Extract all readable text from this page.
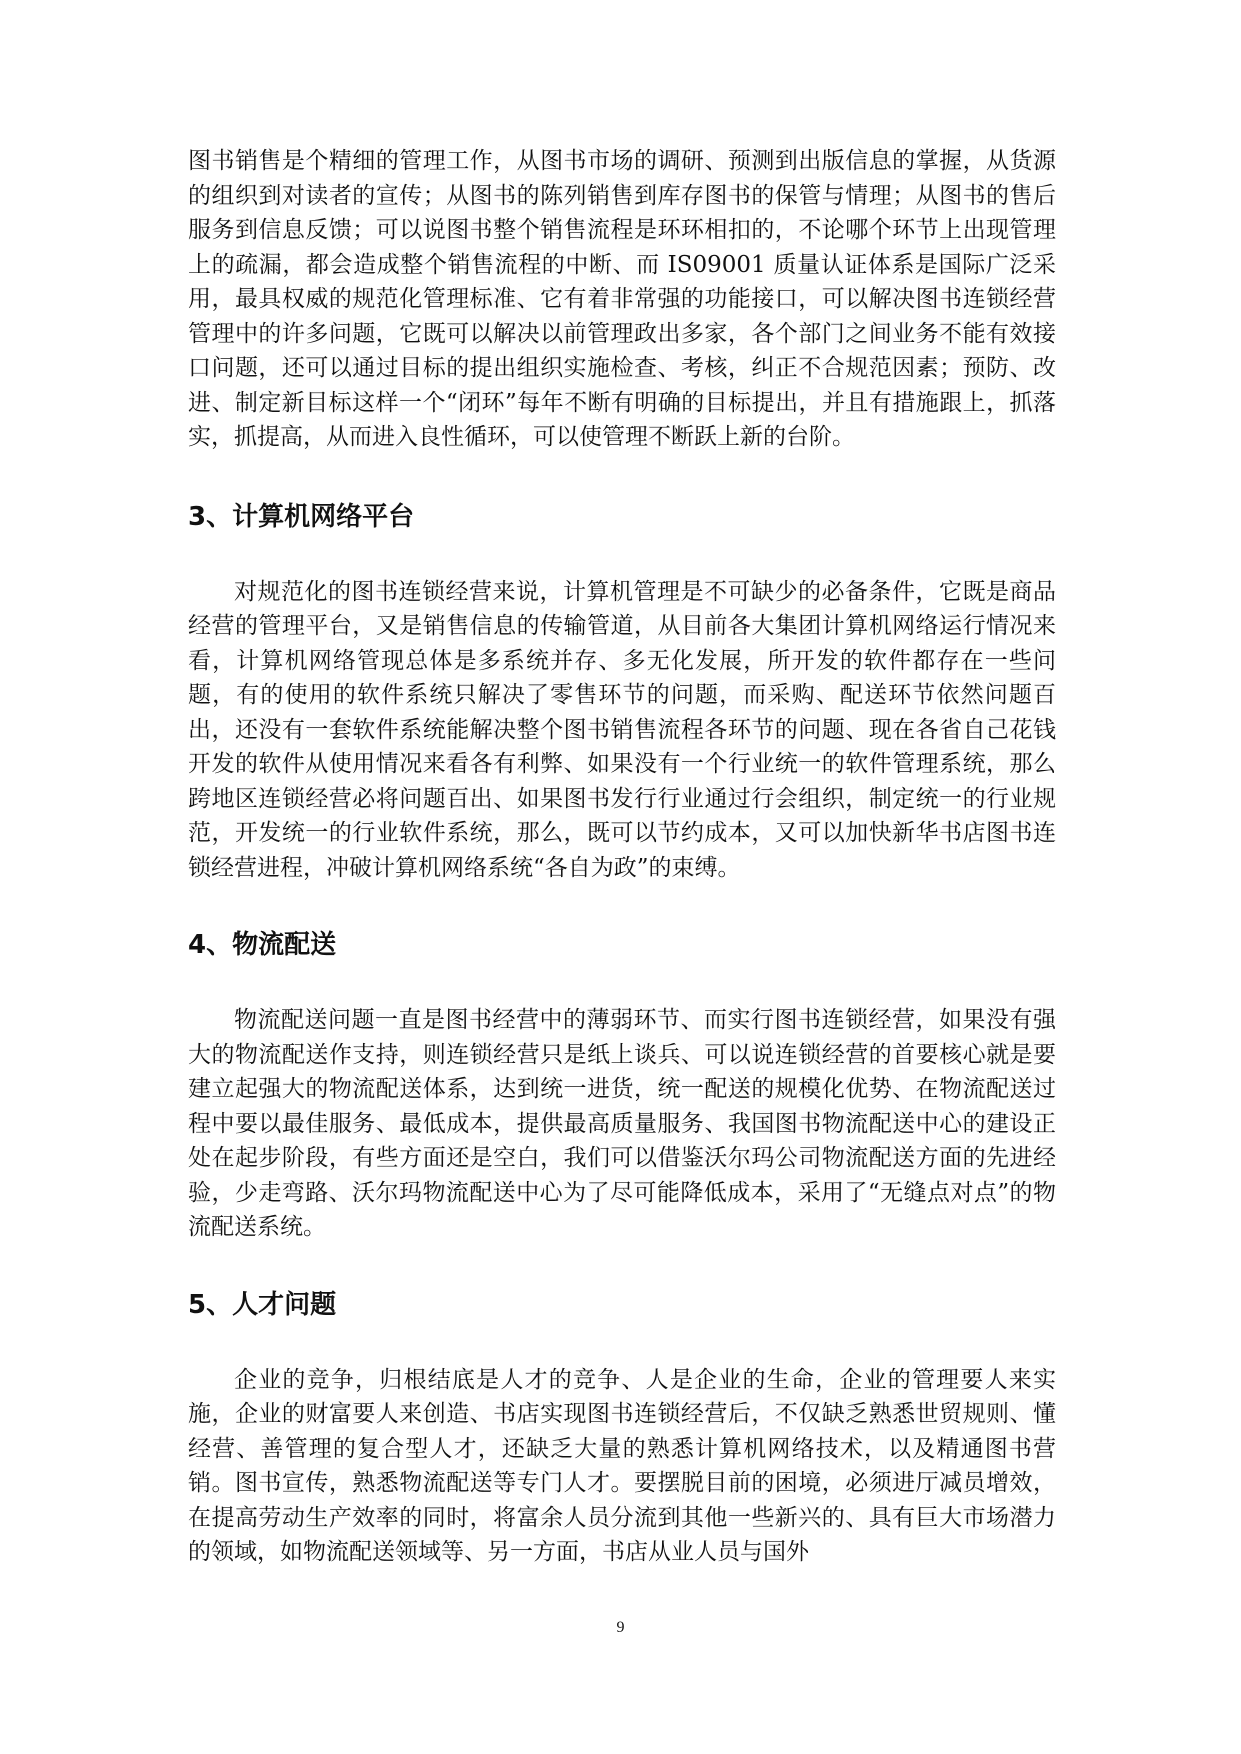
图书销售是个精细的管理工作，从图书市场的调研、预测到出版信息的掌握，从货源的组织到对读者的宣传；从图书的陈列销售到库存图书的保管与情理；从图书的售后服务到信息反馈；可以说图书整个销售流程是环环相扣的，不论哪个环节上出现管理上的疏漏，都会造成整个销售流程的中断、而 IS09001 质量认证体系是国际广泛采用，最具权威的规范化管理标准、它有着非常强的功能接口，可以解决图书连锁经营管理中的许多问题，它既可以解决以前管理政出多家，各个部门之间业务不能有效接口问题，还可以通过目标的提出组织实施检查、考核，纠正不合规范因素；预防、改进、制定新目标这样一个“闭环”每年不断有明确的目标提出，并且有措施跟上，抓落实，抓提高，从而进入良性循环，可以使管理不断跃上新的台阶。

3、计算机网络平台

对规范化的图书连锁经营来说，计算机管理是不可缺少的必备条件，它既是商品经营的管理平台，又是销售信息的传输管道，从目前各大集团计算机网络运行情况来看，计算机网络管现总体是多系统并存、多无化发展，所开发的软件都存在一些问题，有的使用的软件系统只解决了零售环节的问题，而采购、配送环节依然问题百出，还没有一套软件系统能解决整个图书销售流程各环节的问题、现在各省自己花钱开发的软件从使用情况来看各有利弊、如果没有一个行业统一的软件管理系统，那么跨地区连锁经营必将问题百出、如果图书发行行业通过行会组织，制定统一的行业规范，开发统一的行业软件系统，那么，既可以节约成本，又可以加快新华书店图书连锁经营进程，冲破计算机网络系统“各自为政”的束缚。

4、物流配送

物流配送问题一直是图书经营中的薄弱环节、而实行图书连锁经营，如果没有强大的物流配送作支持，则连锁经营只是纸上谈兵、可以说连锁经营的首要核心就是要建立起强大的物流配送体系，达到统一进货，统一配送的规模化优势、在物流配送过程中要以最佳服务、最低成本，提供最高质量服务、我国图书物流配送中心的建设正处在起步阶段，有些方面还是空白，我们可以借鉴沃尔玛公司物流配送方面的先进经验，少走弯路、沃尔玛物流配送中心为了尽可能降低成本，采用了“无缝点对点”的物流配送系统。

5、人才问题

企业的竞争，归根结底是人才的竞争、人是企业的生命，企业的管理要人来实施，企业的财富要人来创造、书店实现图书连锁经营后，不仅缺乏熟悉世贸规则、懂经营、善管理的复合型人才，还缺乏大量的熟悉计算机网络技术，以及精通图书营销。图书宣传，熟悉物流配送等专门人才。要摆脱目前的困境，必须进厅减员增效，在提高劳动生产效率的同时，将富余人员分流到其他一些新兴的、具有巨大市场潜力的领域，如物流配送领域等、另一方面，书店从业人员与国外

9
